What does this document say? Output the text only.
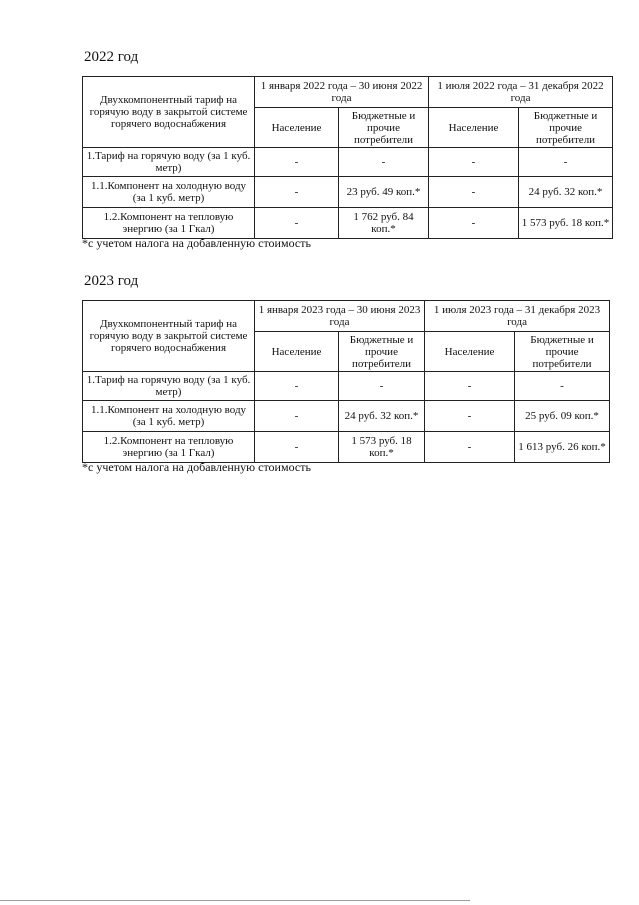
2022 год
Двухкомпонентный тариф на горячую воду в закрытой системе горячего водоснабжения	1 января 2022 года – 30 июня 2022 года		1 июля 2022 года – 31 декабря 2022 года	
	Население	Бюджетные и прочие потребители	Население	Бюджетные и прочие потребители
1.Тариф на горячую воду (за 1 куб. метр)	-	-	-	-
1.1.Компонент на холодную воду (за 1 куб. метр)	-	23 руб. 49 коп.*	-	24 руб. 32 коп.*
1.2.Компонент на тепловую энергию (за 1 Гкал)	-	1 762 руб. 84 коп.*	-	1 573 руб. 18 коп.*
*с учетом налога на добавленную стоимость
2023 год
Двухкомпонентный тариф на горячую воду в закрытой системе горячего водоснабжения	1 января 2023 года – 30 июня 2023 года		1 июля 2023 года – 31 декабря 2023 года	
	Население	Бюджетные и прочие потребители	Население	Бюджетные и прочие потребители
1.Тариф на горячую воду (за 1 куб. метр)	-	-	-	-
1.1.Компонент на холодную воду (за 1 куб. метр)	-	24 руб. 32 коп.*	-	25 руб. 09 коп.*
1.2.Компонент на тепловую энергию (за 1 Гкал)	-	1 573 руб. 18 коп.*	-	1 613 руб. 26 коп.*
*с учетом налога на добавленную стоимость
